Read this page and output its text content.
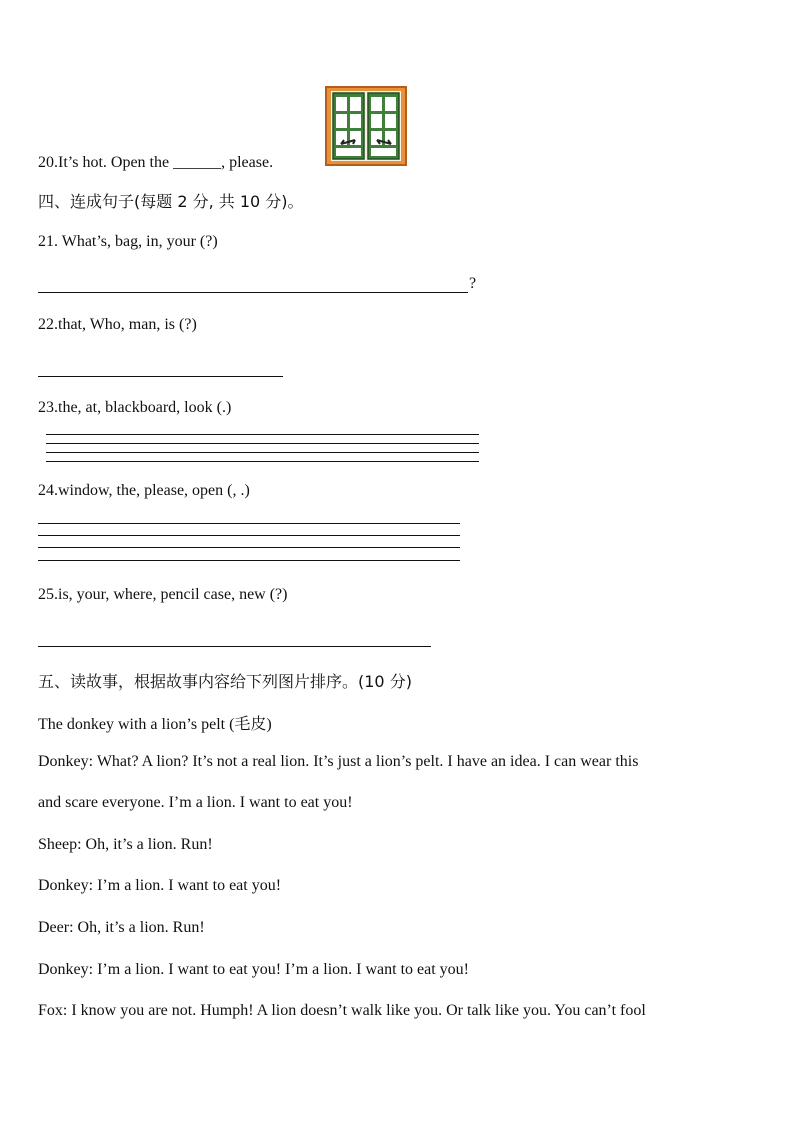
20.It’s hot. Open the ______, please.
四、连成句子(每题 2 分, 共 10 分)。
21. What’s, bag, in, your (?)
?
22.that, Who, man, is (?)
23.the, at, blackboard, look (.)
24.window, the, please, open (, .)
25.is, your, where, pencil case, new (?)
五、读故事，根据故事内容给下列图片排序。(10 分)
The donkey with a lion’s pelt (毛皮)
Donkey: What? A lion? It’s not a real lion. It’s just a lion’s pelt. I have an idea. I can wear this
and scare everyone. I’m a lion. I want to eat you!
Sheep: Oh, it’s a lion. Run!
Donkey: I’m a lion. I want to eat you!
Deer: Oh, it’s a lion. Run!
Donkey: I’m a lion. I want to eat you! I’m a lion. I want to eat you!
Fox: I know you are not. Humph! A lion doesn’t walk like you. Or talk like you. You can’t fool
